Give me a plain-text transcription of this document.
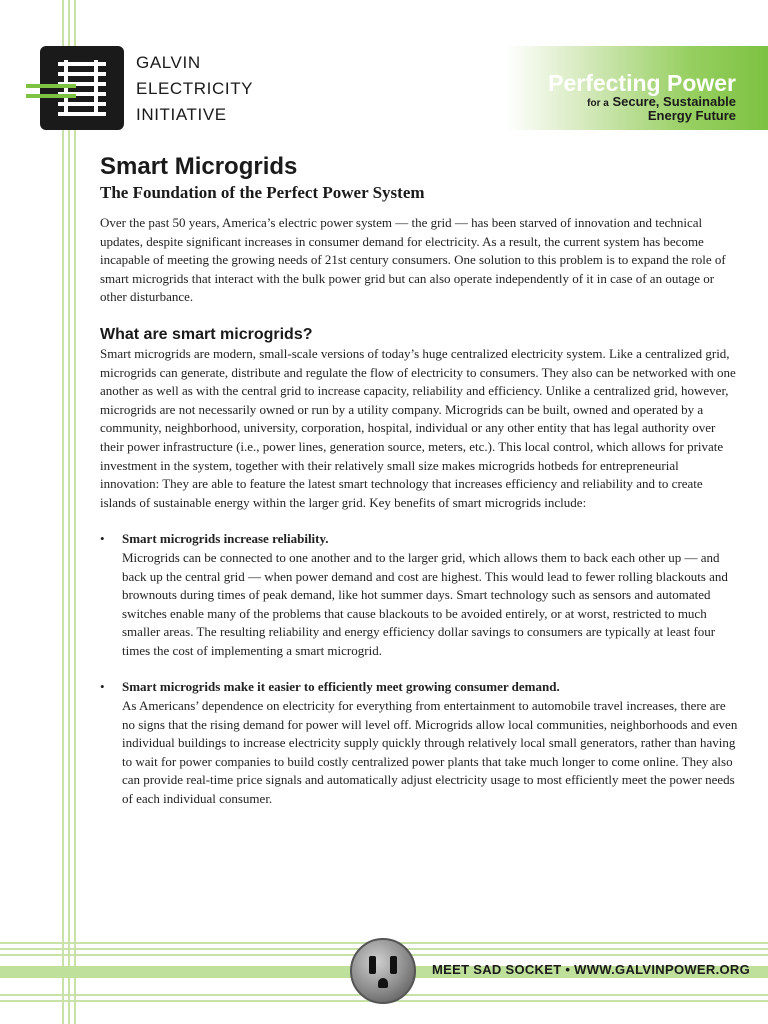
GALVIN
ELECTRICITY
INITIATIVE
Perfecting Power
for a Secure, Sustainable
Energy Future
Smart Microgrids
The Foundation of the Perfect Power System

Over the past 50 years, America’s electric power system — the grid — has been starved of innovation and technical updates, despite significant increases in consumer demand for electricity. As a result, the current system has become incapable of meeting the growing needs of 21st century consumers. One solution to this problem is to expand the role of smart microgrids that interact with the bulk power grid but can also operate independently of it in case of an outage or other disturbance.

What are smart microgrids?

Smart microgrids are modern, small-scale versions of today’s huge centralized electricity system. Like a centralized grid, microgrids can generate, distribute and regulate the flow of electricity to consumers. They also can be networked with one another as well as with the central grid to increase capacity, reliability and efficiency. Unlike a centralized grid, however, microgrids are not necessarily owned or run by a utility company. Microgrids can be built, owned and operated by a community, neighborhood, university, corporation, hospital, individual or any other entity that has legal authority over their power infrastructure (i.e., power lines, generation source, meters, etc.). This local control, which allows for private investment in the system, together with their relatively small size makes microgrids hotbeds for entrepreneurial innovation: They are able to feature the latest smart technology that increases efficiency and reliability and to create islands of sustainable energy within the larger grid. Key benefits of smart microgrids include:

• Smart microgrids increase reliability.
Microgrids can be connected to one another and to the larger grid, which allows them to back each other up — and back up the central grid — when power demand and cost are highest. This would lead to fewer rolling blackouts and brownouts during times of peak demand, like hot summer days. Smart technology such as sensors and automated switches enable many of the problems that cause blackouts to be avoided entirely, or at worst, restricted to much smaller areas. The resulting reliability and energy efficiency dollar savings to consumers are typically at least four times the cost of implementing a smart microgrid.
• Smart microgrids make it easier to efficiently meet growing consumer demand.
As Americans’ dependence on electricity for everything from entertainment to automobile travel increases, there are no signs that the rising demand for power will level off. Microgrids allow local communities, neighborhoods and even individual buildings to increase electricity supply quickly through relatively local small generators, rather than having to wait for power companies to build costly centralized power plants that take much longer to come online. They also can provide real-time price signals and automatically adjust electricity usage to most efficiently meet the power needs of each individual consumer.
MEET SAD SOCKET • WWW.GALVINPOWER.ORG
